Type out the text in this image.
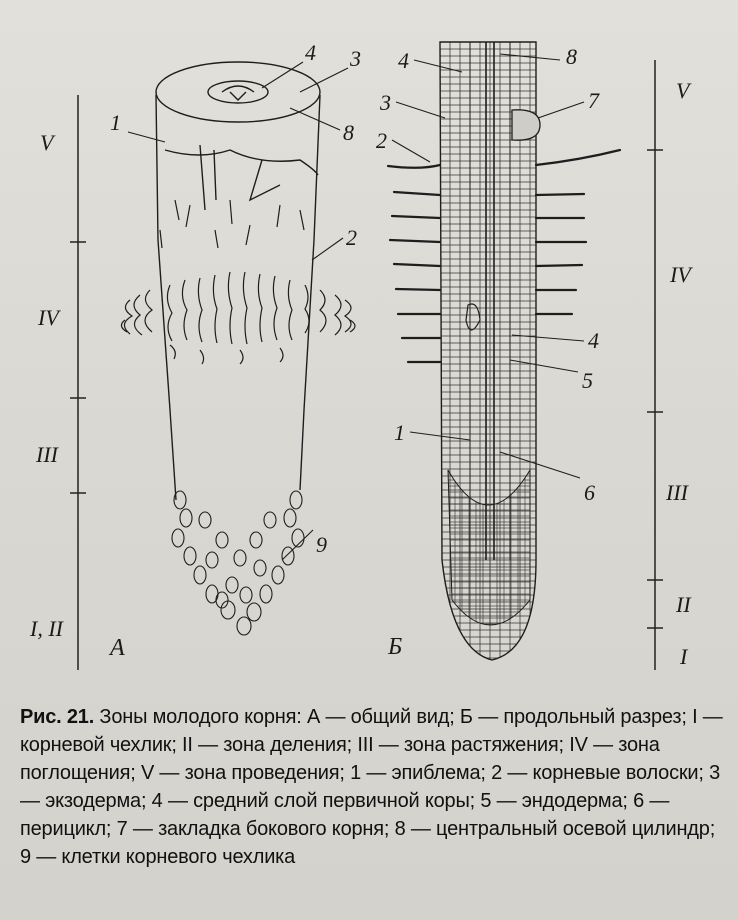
V
IV
III
I, II
4 3
1	8
2
9
А
4	8
3	7
2
4
5
1
6
Б
V
IV
III
II
I
Рис. 21. Зоны молодого корня: А — общий вид; Б — продольный разрез; I — корневой чехлик; II — зона деления; III — зона растяжения; IV — зона поглощения; V — зона проведения; 1 — эпиблема; 2 — корневые волоски; 3 — экзодерма; 4 — средний слой первичной коры; 5 — эндодерма; 6 — перицикл; 7 — закладка бокового корня; 8 — центральный осевой цилиндр; 9 — клетки корневого чехлика
